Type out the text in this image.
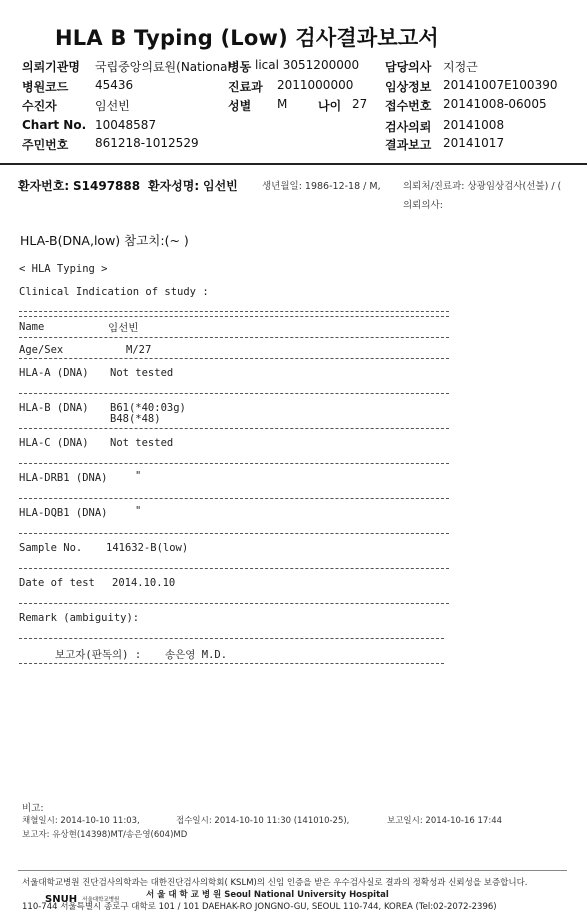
HLA B Typing (Low) 검사결과보고서
의뢰기관명 국립중앙의료원(National
병동 lical 3051200000 담당의사 지정근
병원코드 45436	진료과 2011000000	임상정보 20141007E100390
수진자	임선빈	성별 M	나이 27 접수번호 20141008-06005
Chart No. 10048587	검사의뢰 20141008
주민번호 861218-1012529	결과보고 20141017
환자번호: S1497888 환자성명: 임선빈	생년월일: 1986-12-18 / M, 의뢰처/진료과: 상광임상검사(선불) / (
의뢰의사:
HLA-B(DNA,low) 참고치:(~ )
< HLA Typing >
Clinical Indication of study :
Name	임선빈
Age/Sex	M/27
HLA-A (DNA) Not tested
HLA-B (DNA) B61(*40:03g)
B48(*48)
HLA-C (DNA) Not tested
HLA-DRB1 (DNA)	"
HLA-DQB1 (DNA)	"
Sample No. 141632-B(low)
Date of test 2014.10.10
Remark (ambiguity):
보고자(판독의) : 송은영 M.D.
비고:
채혈일시: 2014-10-10 11:03,	접수일시: 2014-10-10 11:30 (141010-25),	보고일시: 2014-10-16 17:44
보고자: 유상현(14398)MT/송은영(604)MD
서울대학교병원 진단검사의학과는 대한진단검사의학회( KSLM)의 신임 인증을 받은 우수검사실로 결과의 정확성과 신뢰성을 보증합니다.
SNUH 서울대학교병원	서 울 대 학 교 병 원 Seoul National University Hospital
110-744 서울특별시 종로구 대학로 101 / 101 DAEHAK-RO JONGNO-GU, SEOUL 110-744, KOREA (Tel:02-2072-2396)
